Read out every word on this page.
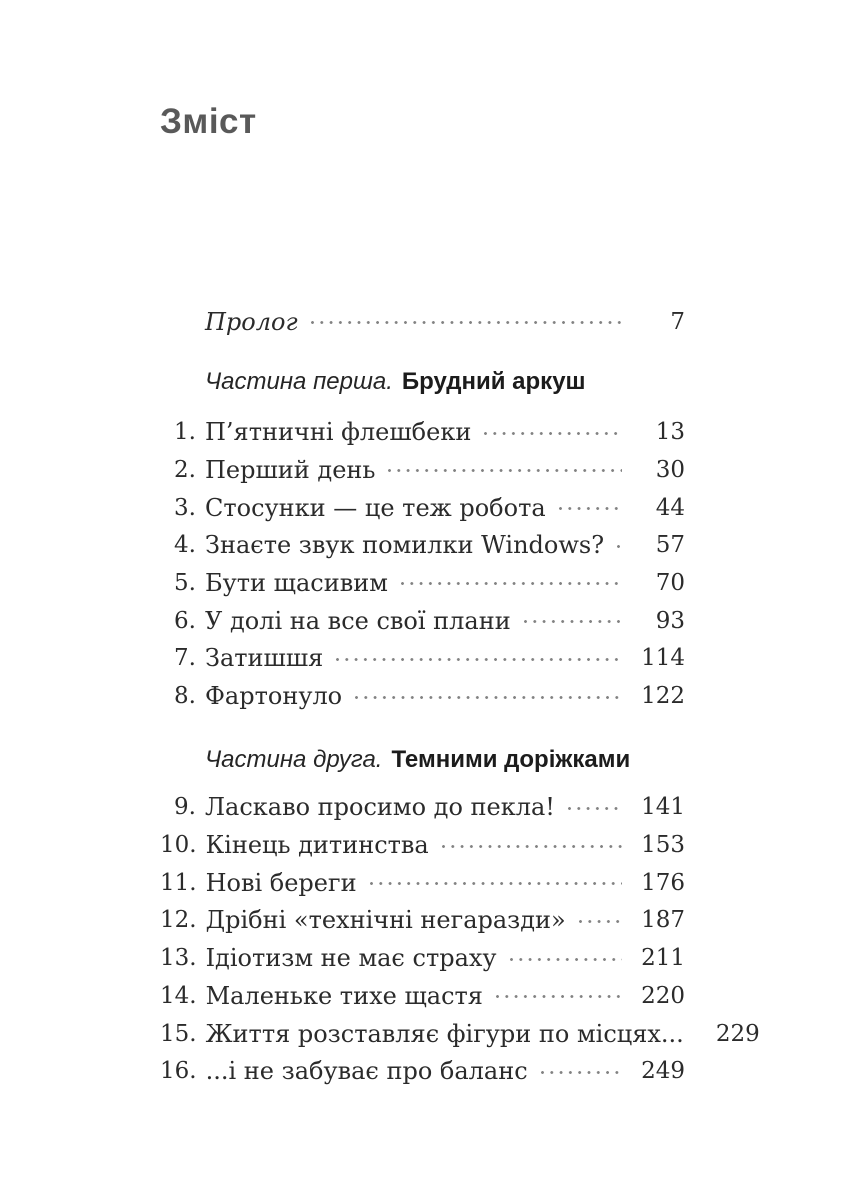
Зміст
Пролог	7
Частина перша. Брудний аркуш
1. П’ятничні флешбеки	13
2. Перший день	30
3. Стосунки — це теж робота	44
4. Знаєте звук помилки Windows?	57
5. Бути щасивим	70
6. У долі на все свої плани	93
7. Затишшя	114
8. Фартонуло	122
Частина друга. Темними доріжками
9. Ласкаво просимо до пекла!	141
10. Кінець дитинства	153
11. Нові береги	176
12. Дрібні «технічні негаразди»	187
13. Ідіотизм не має страху	211
14. Маленьке тихе щастя	220
15. Життя розставляє фігури по місцях...	229
16. ...і не забуває про баланс	249
